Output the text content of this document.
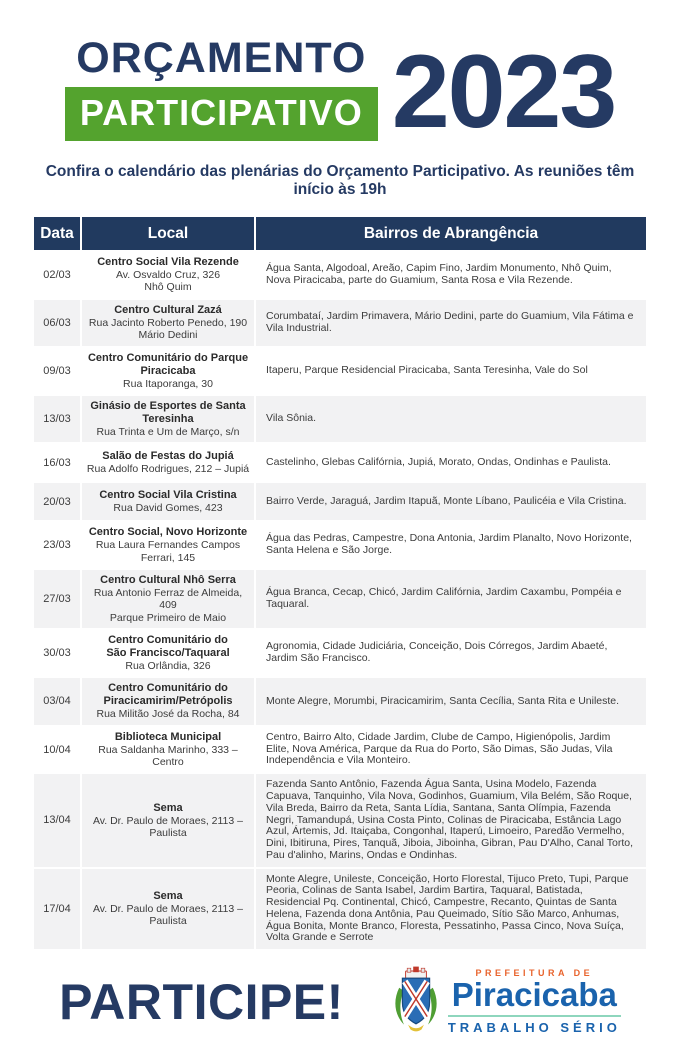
ORÇAMENTO
PARTICIPATIVO 2023
Confira o calendário das plenárias do Orçamento Participativo. As reuniões têm início às 19h
Data	Local	Bairros de Abrangência
02/03
Centro Social Vila Rezende
Av. Osvaldo Cruz, 326
Nhô Quim
Água Santa, Algodoal, Areão, Capim Fino, Jardim Monumento, Nhô Quim, Nova Piracicaba, parte do Guamium, Santa Rosa e Vila Rezende.
06/03
Centro Cultural Zazá
Rua Jacinto Roberto Penedo, 190
Mário Dedini
Corumbataí, Jardim Primavera, Mário Dedini, parte do Guamium, Vila Fátima e Vila Industrial.
09/03
Centro Comunitário do Parque Piracicaba
Rua Itaporanga, 30
Itaperu, Parque Residencial Piracicaba, Santa Teresinha, Vale do Sol
13/03
Ginásio de Esportes de Santa Teresinha
Rua Trinta e Um de Março, s/n
Vila Sônia.
16/03
Salão de Festas do Jupiá
Rua Adolfo Rodrigues, 212 – Jupiá
Castelinho, Glebas Califórnia, Jupiá, Morato, Ondas, Ondinhas e Paulista.
20/03
Centro Social Vila Cristina
Rua David Gomes, 423
Bairro Verde, Jaraguá, Jardim Itapuã, Monte Líbano, Paulicéia e Vila Cristina.
23/03
Centro Social, Novo Horizonte
Rua Laura Fernandes Campos Ferrari, 145
Água das Pedras, Campestre, Dona Antonia, Jardim Planalto, Novo Horizonte, Santa Helena e São Jorge.
27/03
Centro Cultural Nhô Serra
Rua Antonio Ferraz de Almeida, 409
Parque Primeiro de Maio
Água Branca, Cecap, Chicó, Jardim Califórnia, Jardim Caxambu, Pompéia e Taquaral.
30/03
Centro Comunitário do
São Francisco/Taquaral
Rua Orlândia, 326
Agronomia, Cidade Judiciária, Conceição, Dois Córregos, Jardim Abaeté, Jardim São Francisco.
03/04
Centro Comunitário do
Piracicamirim/Petrópolis
Rua Militão José da Rocha, 84
Monte Alegre, Morumbi, Piracicamirim, Santa Cecília, Santa Rita e Unileste.
10/04
Biblioteca Municipal
Rua Saldanha Marinho, 333 – Centro
Centro, Bairro Alto, Cidade Jardim, Clube de Campo, Higienópolis, Jardim Elite, Nova América, Parque da Rua do Porto, São Dimas, São Judas, Vila Independência e Vila Monteiro.
13/04
Sema
Av. Dr. Paulo de Moraes, 2113 – Paulista
Fazenda Santo Antônio, Fazenda Água Santa, Usina Modelo, Fazenda Capuava, Tanquinho, Vila Nova, Godinhos, Guamium, Vila Belém, São Roque, Vila Breda, Bairro da Reta, Santa Lídia, Santana, Santa Olímpia, Fazenda Negri, Tamandupá, Usina Costa Pinto, Colinas de Piracicaba, Estância Lago Azul, Ártemis, Jd. Itaiçaba, Congonhal, Itaperú, Limoeiro, Paredão Vermelho, Dini, Ibitiruna, Pires, Tanquã, Jiboia, Jiboinha, Gibran, Pau D'Alho, Canal Torto, Pau d'alinho, Marins, Ondas e Ondinhas.
17/04
Sema
Av. Dr. Paulo de Moraes, 2113 – Paulista
Monte Alegre, Unileste, Conceição, Horto Florestal, Tijuco Preto, Tupi, Parque Peoria, Colinas de Santa Isabel, Jardim Bartira, Taquaral, Batistada, Residencial Pq. Continental, Chicó, Campestre, Recanto, Quintas de Santa Helena, Fazenda dona Antônia, Pau Queimado, Sítio São Marco, Anhumas, Água Bonita, Monte Branco, Floresta, Pessatinho, Passa Cinco, Nova Suíça, Volta Grande e Serrote
PARTICIPE!
PREFEITURA DE
Piracicaba
TRABALHO SÉRIO
